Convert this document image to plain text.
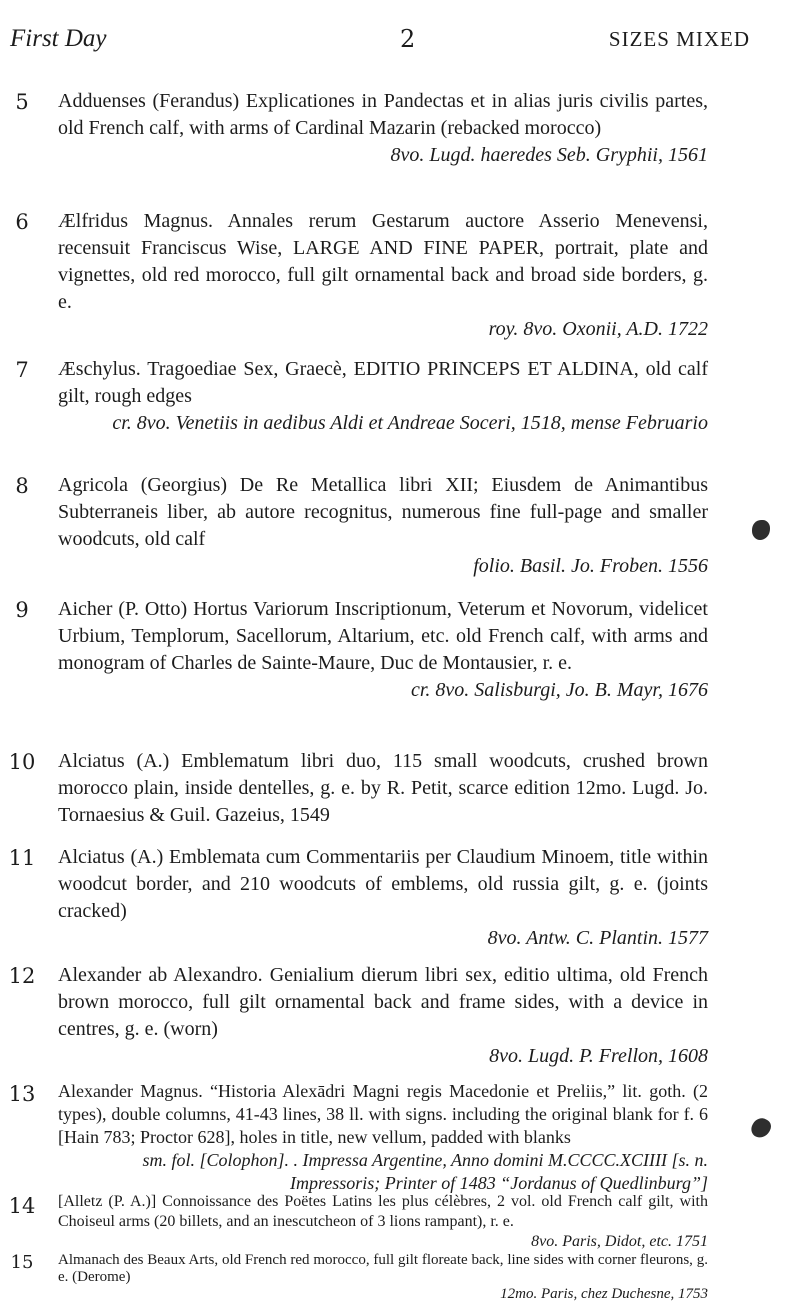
First Day	2	SIZES MIXED
5	Adduenses (Ferandus) Explicationes in Pandectas et in alias juris civilis partes, old French calf, with arms of Cardinal Mazarin (rebacked morocco)

8vo. Lugd. haeredes Seb. Gryphii, 1561

6	Ælfridus Magnus. Annales rerum Gestarum auctore Asserio Menevensi, recensuit Franciscus Wise, LARGE AND FINE PAPER, portrait, plate and vignettes, old red morocco, full gilt ornamental back and broad side borders, g. e.

roy. 8vo. Oxonii, A.D. 1722

7	Æschylus. Tragoediae Sex, Graecè, EDITIO PRINCEPS ET ALDINA, old calf gilt, rough edges

cr. 8vo. Venetiis in aedibus Aldi et Andreae Soceri, 1518, mense Februario

8	Agricola (Georgius) De Re Metallica libri XII; Eiusdem de Animantibus Subterraneis liber, ab autore recognitus, numerous fine full-page and smaller woodcuts, old calf

folio. Basil. Jo. Froben. 1556

9	Aicher (P. Otto) Hortus Variorum Inscriptionum, Veterum et Novorum, videlicet Urbium, Templorum, Sacellorum, Altarium, etc. old French calf, with arms and monogram of Charles de Sainte-Maure, Duc de Montausier, r. e.

cr. 8vo. Salisburgi, Jo. B. Mayr, 1676

10 Alciatus (A.) Emblematum libri duo, 115 small woodcuts, crushed brown morocco plain, inside dentelles, g. e. by R. Petit, scarce edition 12mo. Lugd. Jo. Tornaesius & Guil. Gazeius, 1549

11 Alciatus (A.) Emblemata cum Commentariis per Claudium Minoem, title within woodcut border, and 210 woodcuts of emblems, old russia gilt, g. e. (joints cracked)

8vo. Antw. C. Plantin. 1577

12 Alexander ab Alexandro. Genialium dierum libri sex, editio ultima, old French brown morocco, full gilt ornamental back and frame sides, with a device in centres, g. e. (worn)

8vo. Lugd. P. Frellon, 1608

13 Alexander Magnus. “Historia Alexādri Magni regis Macedonie et Preliis,” lit. goth. (2 types), double columns, 41-43 lines, 38 ll. with signs. including the original blank for f. 6 [Hain 783; Proctor 628], holes in title, new vellum, padded with blanks

sm. fol. [Colophon]. . Impressa Argentine, Anno domini M.CCCC.XCIIII [s. n. Impressoris; Printer of 1483 “Jordanus of Quedlinburg”]

14 [Alletz (P. A.)] Connoissance des Poëtes Latins les plus célèbres, 2 vol. old French calf gilt, with Choiseul arms (20 billets, and an inescutcheon of 3 lions rampant), r. e.

8vo. Paris, Didot, etc. 1751

15	Almanach des Beaux Arts, old French red morocco, full gilt floreate back, line sides with corner fleurons, g. e. (Derome)

12mo. Paris, chez Duchesne, 1753
